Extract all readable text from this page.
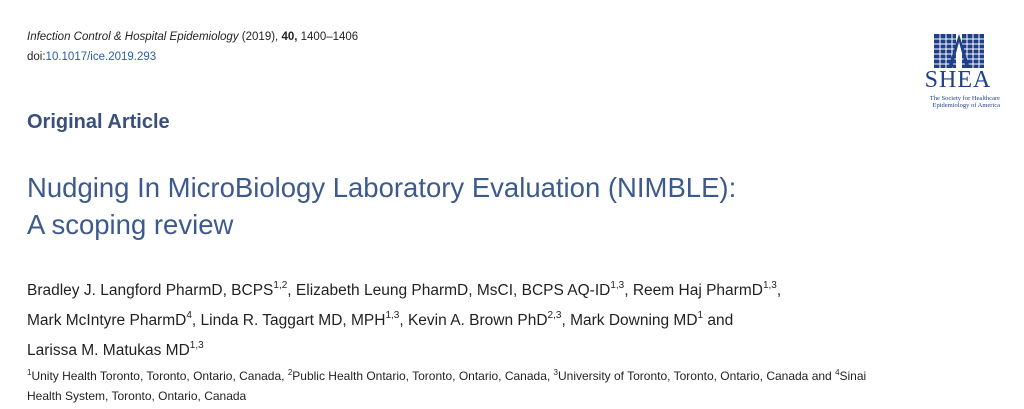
Infection Control & Hospital Epidemiology (2019), 40, 1400–1406
doi:10.1017/ice.2019.293
SHEA
The Society for Healthcare
Epidemiology of America
Original Article
Nudging In MicroBiology Laboratory Evaluation (NIMBLE):
A scoping review
Bradley J. Langford PharmD, BCPS$^{1,2}$, Elizabeth Leung PharmD, MsCI, BCPS AQ-ID$^{1,3}$, Reem Haj PharmD$^{1,3}$,
Mark McIntyre PharmD$^4$, Linda R. Taggart MD, MPH$^{1,3}$, Kevin A. Brown PhD$^{2,3}$, Mark Downing $MD^1$ and
Larissa M. Matukas MD$^{1,3}$
$^1$Unity Health Toronto, Toronto, Ontario, Canada, $^2$Public Health Ontario, Toronto, Ontario, Canada, $^3$University of Toronto, Toronto, Ontario, Canada and $^4$Sinai
Health System, Toronto, Ontario, Canada
